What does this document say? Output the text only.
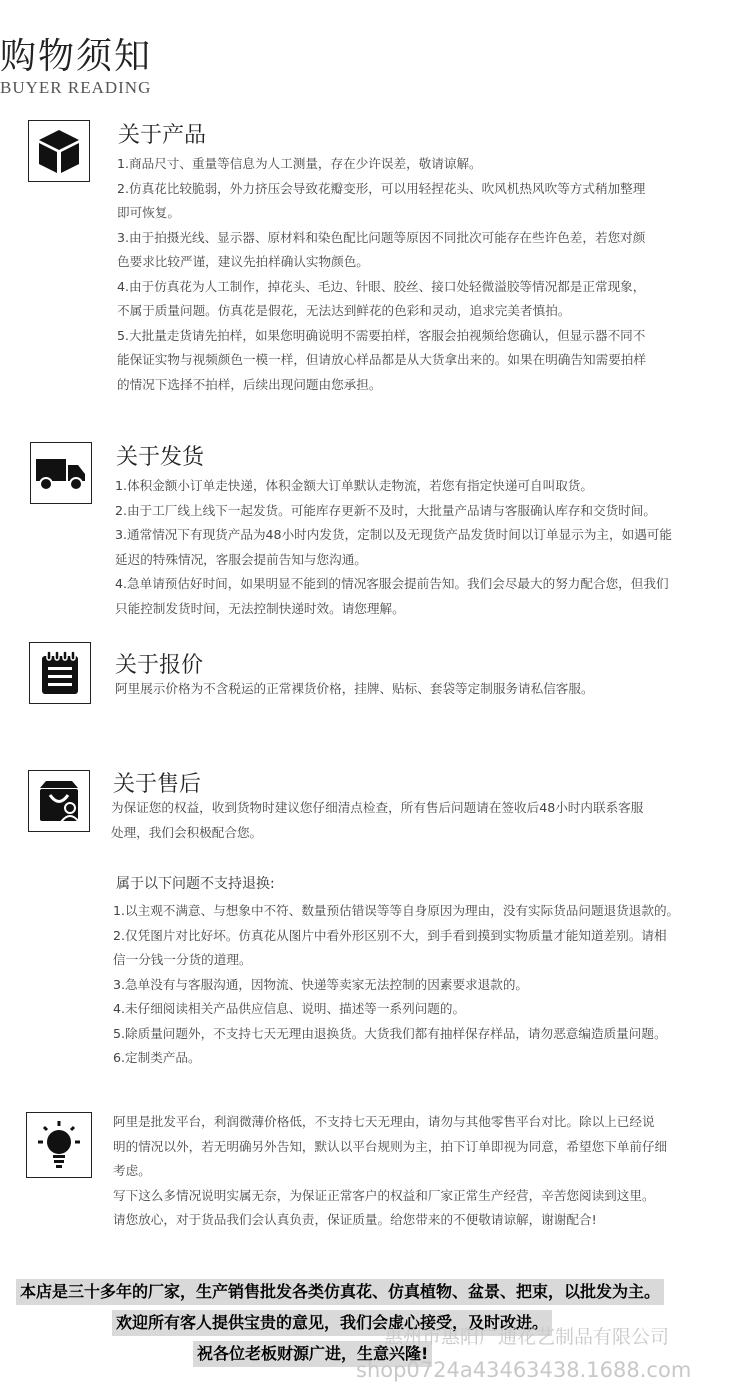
购物须知
BUYER READING
关于产品
1.商品尺寸、重量等信息为人工测量，存在少许误差，敬请谅解。
2.仿真花比较脆弱，外力挤压会导致花瓣变形，可以用轻捏花头、吹风机热风吹等方式稍加整理
即可恢复。
3.由于拍摄光线、显示器、原材料和染色配比问题等原因不同批次可能存在些许色差，若您对颜
色要求比较严谨，建议先拍样确认实物颜色。
4.由于仿真花为人工制作，掉花头、毛边、针眼、胶丝、接口处轻微溢胶等情况都是正常现象，
不属于质量问题。仿真花是假花，无法达到鲜花的色彩和灵动，追求完美者慎拍。
5.大批量走货请先拍样，如果您明确说明不需要拍样，客服会拍视频给您确认，但显示器不同不
能保证实物与视频颜色一模一样，但请放心样品都是从大货拿出来的。如果在明确告知需要拍样
的情况下选择不拍样，后续出现问题由您承担。
关于发货
1.体积金额小订单走快递，体积金额大订单默认走物流，若您有指定快递可自叫取货。
2.由于工厂线上线下一起发货。可能库存更新不及时，大批量产品请与客服确认库存和交货时间。
3.通常情况下有现货产品为48小时内发货，定制以及无现货产品发货时间以订单显示为主，如遇可能
延迟的特殊情况，客服会提前告知与您沟通。
4.急单请预估好时间，如果明显不能到的情况客服会提前告知。我们会尽最大的努力配合您，但我们
只能控制发货时间，无法控制快递时效。请您理解。
关于报价
阿里展示价格为不含税运的正常裸货价格，挂牌、贴标、套袋等定制服务请私信客服。
关于售后
为保证您的权益，收到货物时建议您仔细清点检查，所有售后问题请在签收后48小时内联系客服
处理，我们会积极配合您。
属于以下问题不支持退换:
1.以主观不满意、与想象中不符、数量预估错误等等自身原因为理由，没有实际货品问题退货退款的。
2.仅凭图片对比好坏。仿真花从图片中看外形区别不大，到手看到摸到实物质量才能知道差别。请相
信一分钱一分货的道理。
3.急单没有与客服沟通，因物流、快递等卖家无法控制的因素要求退款的。
4.未仔细阅读相关产品供应信息、说明、描述等一系列问题的。
5.除质量问题外，不支持七天无理由退换货。大货我们都有抽样保存样品，请勿恶意编造质量问题。
6.定制类产品。
阿里是批发平台，利润微薄价格低，不支持七天无理由，请勿与其他零售平台对比。除以上已经说
明的情况以外，若无明确另外告知，默认以平台规则为主，拍下订单即视为同意，希望您下单前仔细
考虑。
写下这么多情况说明实属无奈，为保证正常客户的权益和厂家正常生产经营，辛苦您阅读到这里。
请您放心，对于货品我们会认真负责，保证质量。给您带来的不便敬请谅解，谢谢配合!
本店是三十多年的厂家，生产销售批发各类仿真花、仿真植物、盆景、把束，以批发为主。
欢迎所有客人提供宝贵的意见，我们会虚心接受，及时改进。
祝各位老板财源广进，生意兴隆!
惠州市惠阳广通花艺制品有限公司
shop0724a43463438.1688.com
